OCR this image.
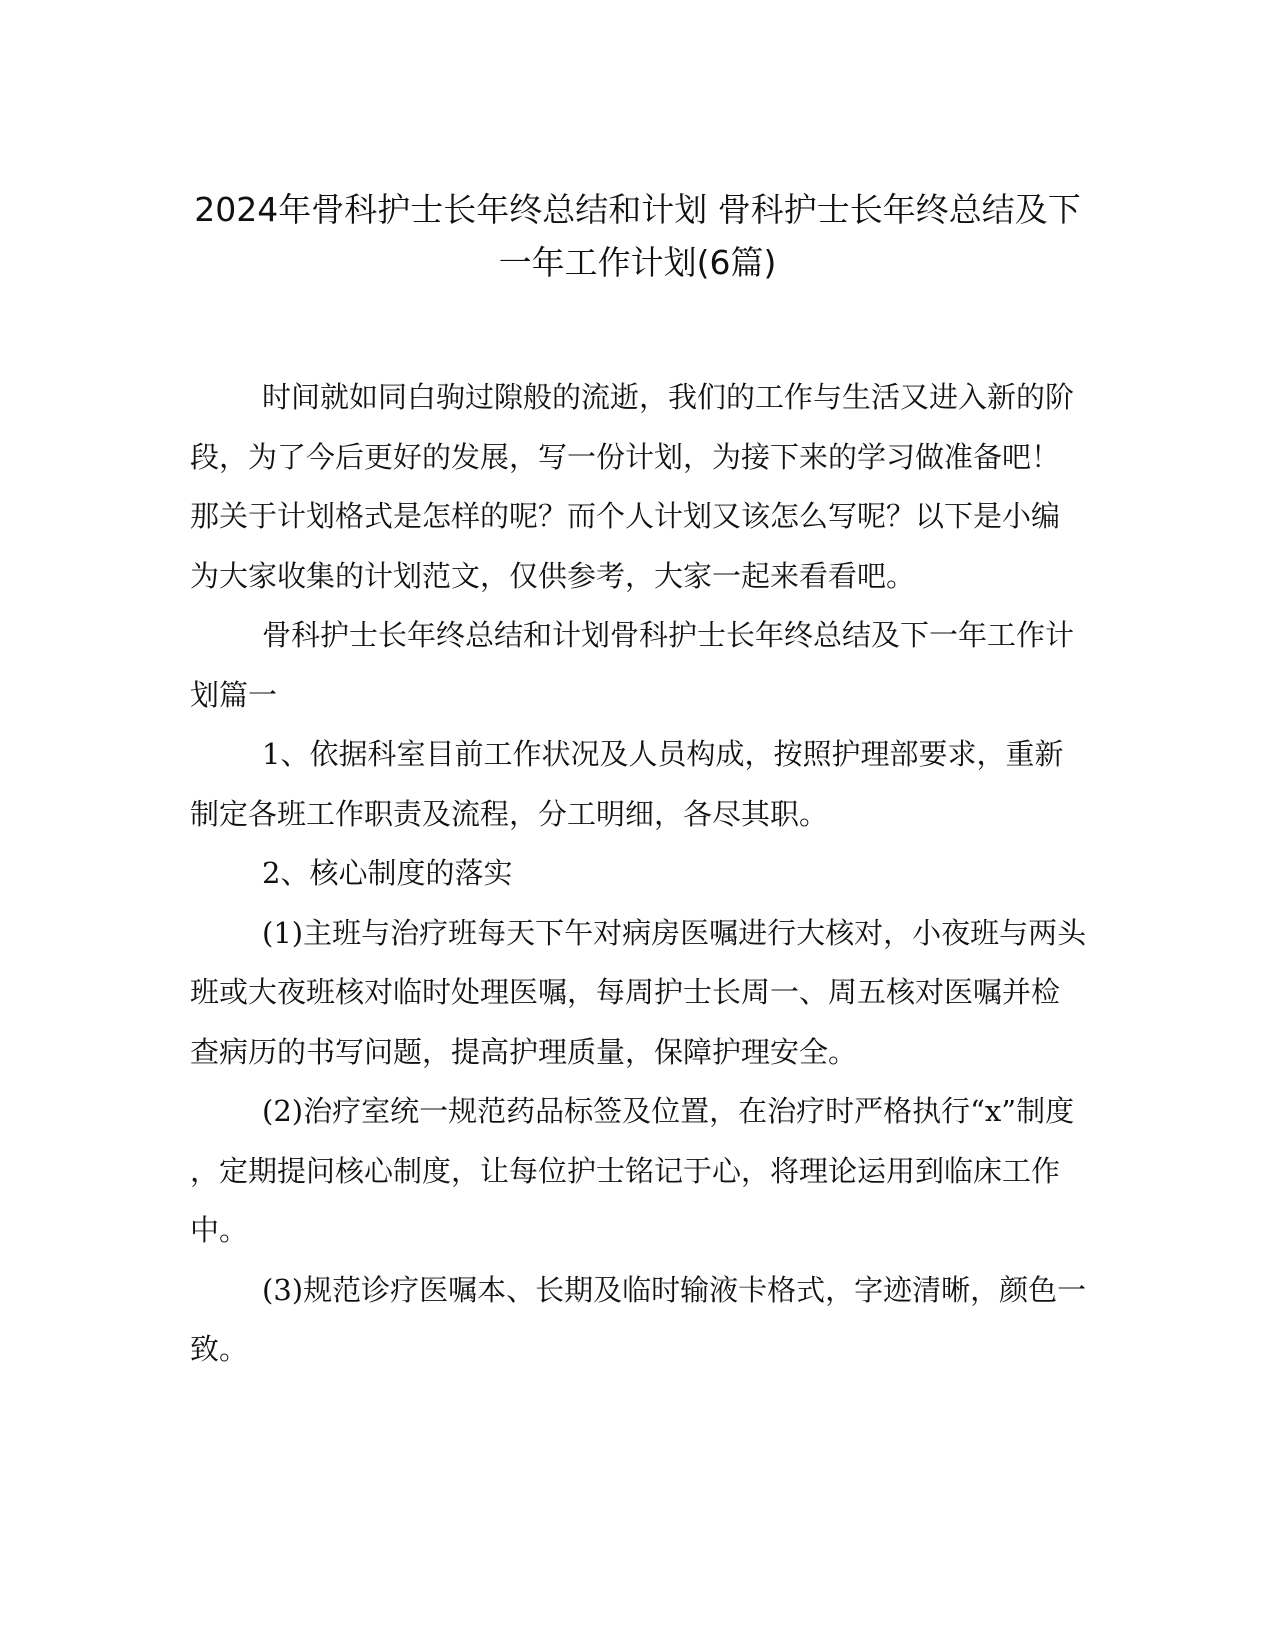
2024年骨科护士长年终总结和计划 骨科护士长年终总结及下
一年工作计划(6篇)
时间就如同白驹过隙般的流逝，我们的工作与生活又进入新的阶
段，为了今后更好的发展，写一份计划，为接下来的学习做准备吧！
那关于计划格式是怎样的呢？而个人计划又该怎么写呢？以下是小编
为大家收集的计划范文，仅供参考，大家一起来看看吧。
骨科护士长年终总结和计划骨科护士长年终总结及下一年工作计
划篇一
1、依据科室目前工作状况及人员构成，按照护理部要求，重新
制定各班工作职责及流程，分工明细，各尽其职。
2、核心制度的落实
(1)主班与治疗班每天下午对病房医嘱进行大核对，小夜班与两头
班或大夜班核对临时处理医嘱，每周护士长周一、周五核对医嘱并检
查病历的书写问题，提高护理质量，保障护理安全。
(2)治疗室统一规范药品标签及位置，在治疗时严格执行“x”制度
，定期提问核心制度，让每位护士铭记于心，将理论运用到临床工作
中。
(3)规范诊疗医嘱本、长期及临时输液卡格式，字迹清晰，颜色一
致。
